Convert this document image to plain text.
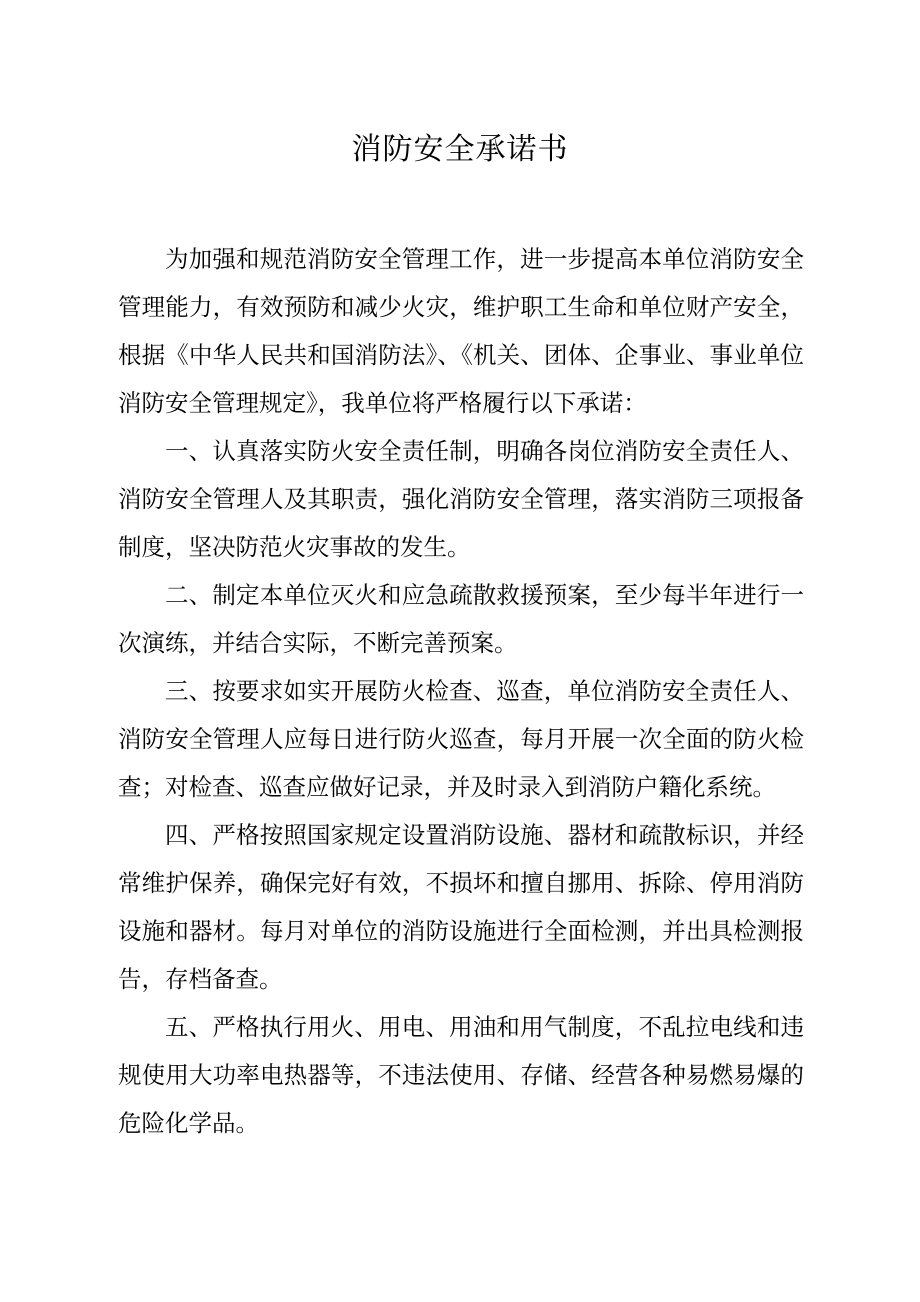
消防安全承诺书

为加强和规范消防安全管理工作，进一步提高本单位消防安全管理能力，有效预防和减少火灾，维护职工生命和单位财产安全，根据《中华人民共和国消防法》、《机关、团体、企事业、事业单位消防安全管理规定》，我单位将严格履行以下承诺：

一、认真落实防火安全责任制，明确各岗位消防安全责任人、消防安全管理人及其职责，强化消防安全管理，落实消防三项报备制度，坚决防范火灾事故的发生。

二、制定本单位灭火和应急疏散救援预案，至少每半年进行一次演练，并结合实际，不断完善预案。

三、按要求如实开展防火检查、巡查，单位消防安全责任人、消防安全管理人应每日进行防火巡查，每月开展一次全面的防火检查；对检查、巡查应做好记录，并及时录入到消防户籍化系统。

四、严格按照国家规定设置消防设施、器材和疏散标识，并经常维护保养，确保完好有效，不损坏和擅自挪用、拆除、停用消防设施和器材。每月对单位的消防设施进行全面检测，并出具检测报告，存档备查。

五、严格执行用火、用电、用油和用气制度，不乱拉电线和违规使用大功率电热器等，不违法使用、存储、经营各种易燃易爆的危险化学品。
